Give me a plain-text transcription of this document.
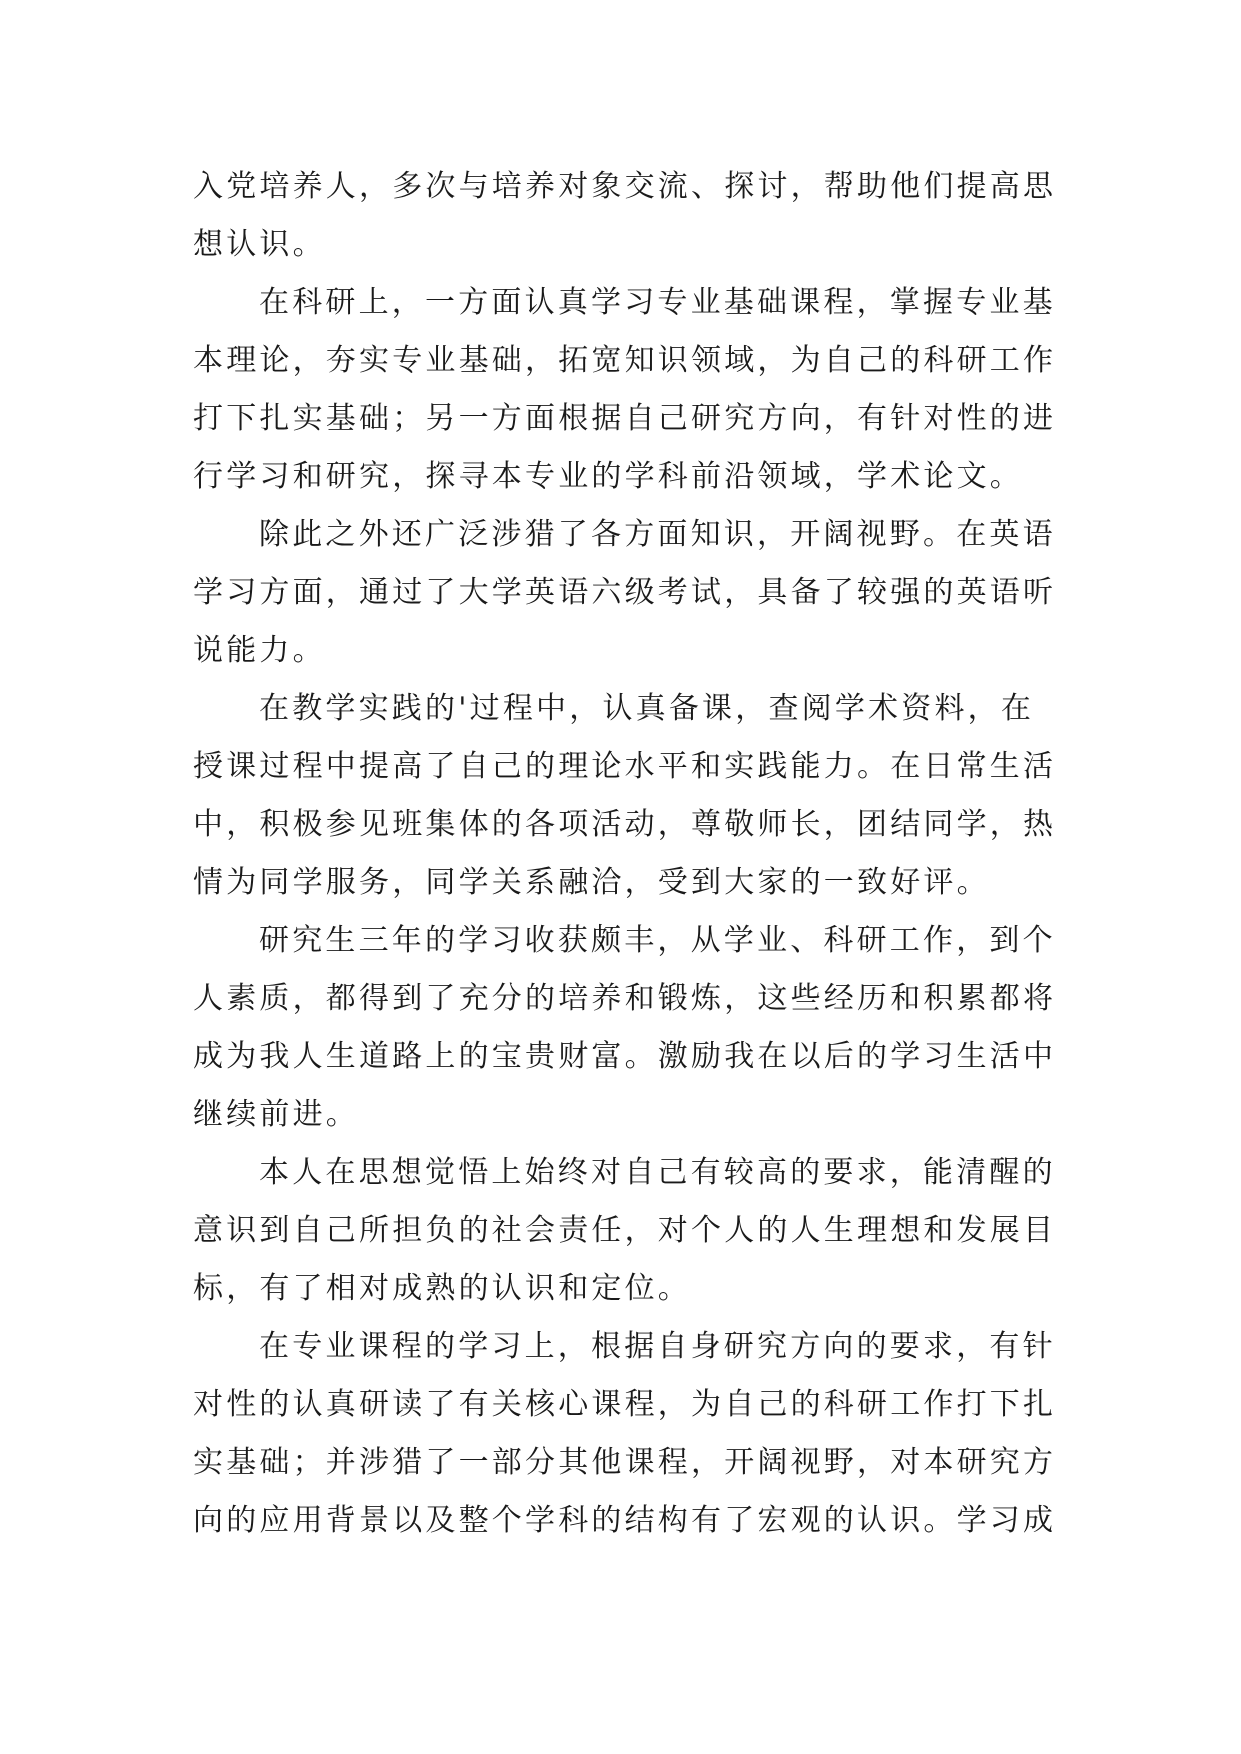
入党培养人，多次与培养对象交流、探讨，帮助他们提高思
想认识。
在科研上，一方面认真学习专业基础课程，掌握专业基
本理论，夯实专业基础，拓宽知识领域，为自己的科研工作
打下扎实基础；另一方面根据自己研究方向，有针对性的进
行学习和研究，探寻本专业的学科前沿领域，学术论文。
除此之外还广泛涉猎了各方面知识，开阔视野。在英语
学习方面，通过了大学英语六级考试，具备了较强的英语听
说能力。
在教学实践的'过程中，认真备课，查阅学术资料，在
授课过程中提高了自己的理论水平和实践能力。在日常生活
中，积极参见班集体的各项活动，尊敬师长，团结同学，热
情为同学服务，同学关系融洽，受到大家的一致好评。
研究生三年的学习收获颇丰，从学业、科研工作，到个
人素质，都得到了充分的培养和锻炼，这些经历和积累都将
成为我人生道路上的宝贵财富。激励我在以后的学习生活中
继续前进。
本人在思想觉悟上始终对自己有较高的要求，能清醒的
意识到自己所担负的社会责任，对个人的人生理想和发展目
标，有了相对成熟的认识和定位。
在专业课程的学习上，根据自身研究方向的要求，有针
对性的认真研读了有关核心课程，为自己的科研工作打下扎
实基础；并涉猎了一部分其他课程，开阔视野，对本研究方
向的应用背景以及整个学科的结构有了宏观的认识。学习成
